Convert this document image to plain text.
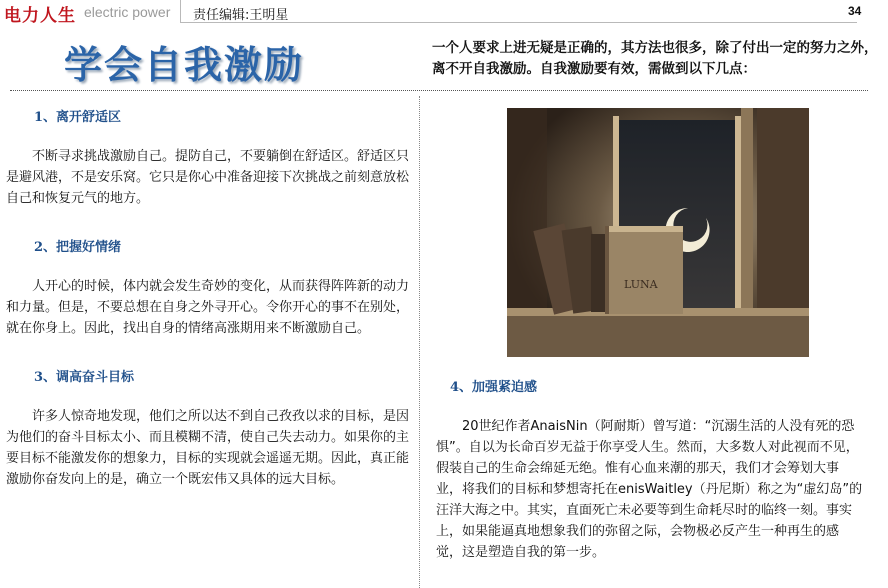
电力人生 electric power 责任编辑:王明星	34
学会自我激励	一个人要求上进无疑是正确的，其方法也很多，除了付出一定的努力之外，离不开自我激励。自我激励要有效，需做到以下几点：
1、离开舒适区

不断寻求挑战激励自己。提防自己，不要躺倒在舒适区。舒适区只是避风港，不是安乐窝。它只是你心中准备迎接下次挑战之前刻意放松自己和恢复元气的地方。

2、把握好情绪

人开心的时候，体内就会发生奇妙的变化，从而获得阵阵新的动力和力量。但是，不要总想在自身之外寻开心。令你开心的事不在别处，就在你身上。因此，找出自身的情绪高涨期用来不断激励自己。

3、调高奋斗目标

许多人惊奇地发现，他们之所以达不到自己孜孜以求的目标，是因为他们的奋斗目标太小、而且模糊不清，使自己失去动力。如果你的主要目标不能激发你的想象力，目标的实现就会遥遥无期。因此，真正能激励你奋发向上的是，确立一个既宏伟又具体的远大目标。

LUNA
4、加强紧迫感

20世纪作者AnaisNin（阿耐斯）曾写道：“沉溺生活的人没有死的恐惧”。自以为长命百岁无益于你享受人生。然而，大多数人对此视而不见，假装自己的生命会绵延无绝。惟有心血来潮的那天，我们才会筹划大事业，将我们的目标和梦想寄托在enisWaitley（丹尼斯）称之为“虚幻岛”的汪洋大海之中。其实，直面死亡未必要等到生命耗尽时的临终一刻。事实上，如果能逼真地想象我们的弥留之际，会物极必反产生一种再生的感觉，这是塑造自我的第一步。
